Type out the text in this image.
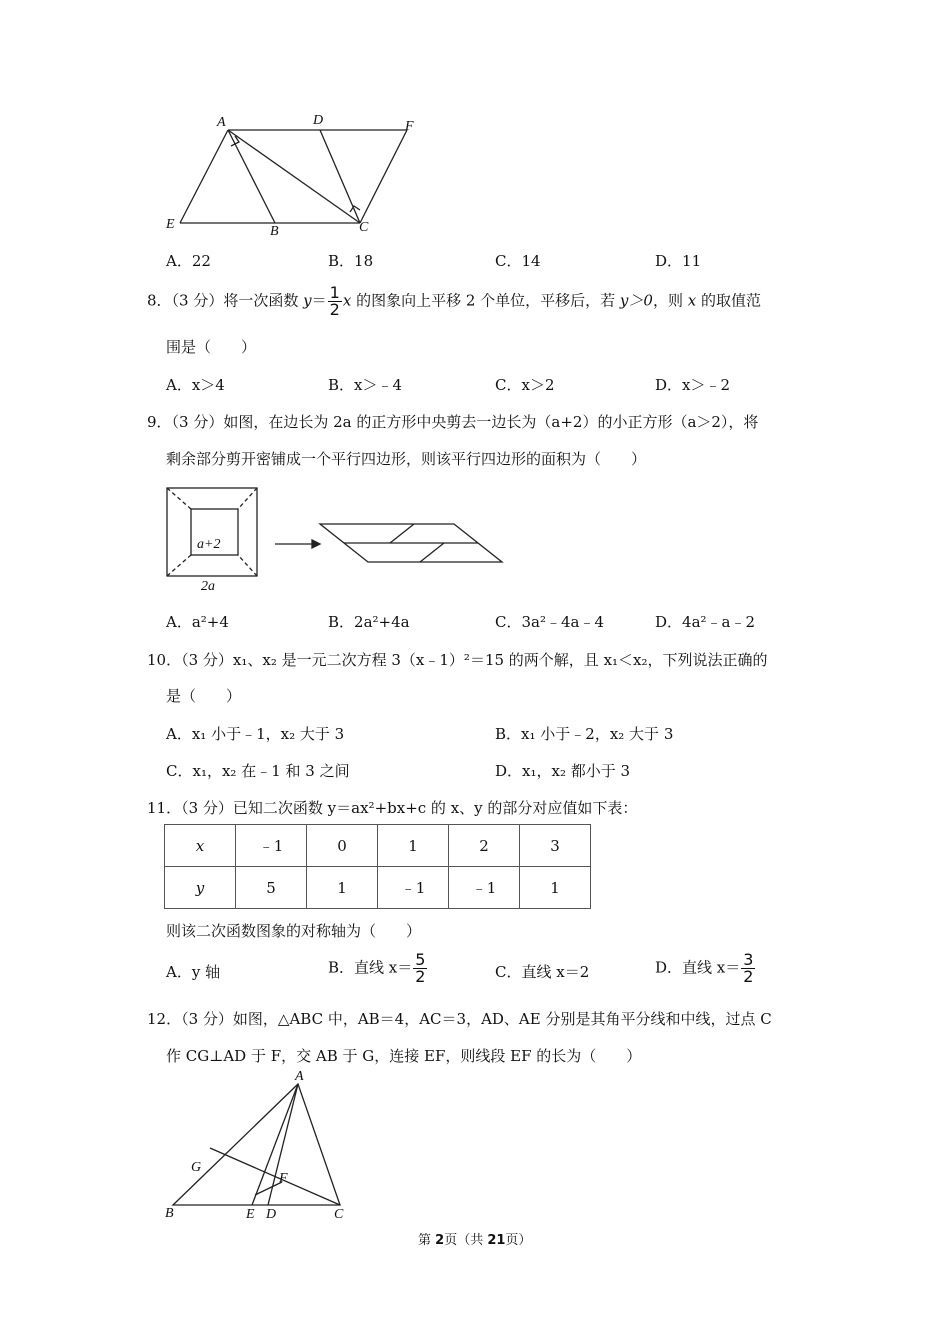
A	D	F
E	B	C
A．22	B．18	C．14	D．11
8．（3 分）将一次函数 $y= \frac{1}{2}$ x 的图象向上平移 2 个单位，平移后，若 y＞0，则 x 的取值范
围是（　　）
A．x＞4	B．x＞﹣4	C．x＞2	D．x＞﹣2
9．（3 分）如图，在边长为 2a 的正方形中央剪去一边长为（a+2）的小正方形（a＞2），将
剩余部分剪开密铺成一个平行四边形，则该平行四边形的面积为（　　）
a+2
2a
A．a²+4	B．2a²+4a	C．3a²﹣4a﹣4	D．4a²﹣a﹣2
10．（3 分）x₁、x₂ 是一元二次方程 3（x﹣1）²＝15 的两个解，且 x₁＜x₂，下列说法正确的
是（　　）
A．x₁ 小于﹣1，x₂ 大于 3	B．x₁ 小于﹣2，x₂ 大于 3
C．x₁，x₂ 在﹣1 和 3 之间	D．x₁，x₂ 都小于 3
11．（3 分）已知二次函数 y＝ax²+bx+c 的 x、y 的部分对应值如下表：
x	﹣1	0	1	2	3
y	5	1	﹣1	﹣1	1
则该二次函数图象的对称轴为（　　）
A．y 轴	B．直线 $x= \frac{5}{2}$	C．直线 x＝2	D．直线 $x= \frac{3}{2}$
12．（3 分）如图，△ABC 中，AB＝4，AC＝3，AD、AE 分别是其角平分线和中线，过点 C
作 CG⊥AD 于 F，交 AB 于 G，连接 EF，则线段 EF 的长为（　　）
A
G
F
B	E D	C
第 2页（共 21页）
